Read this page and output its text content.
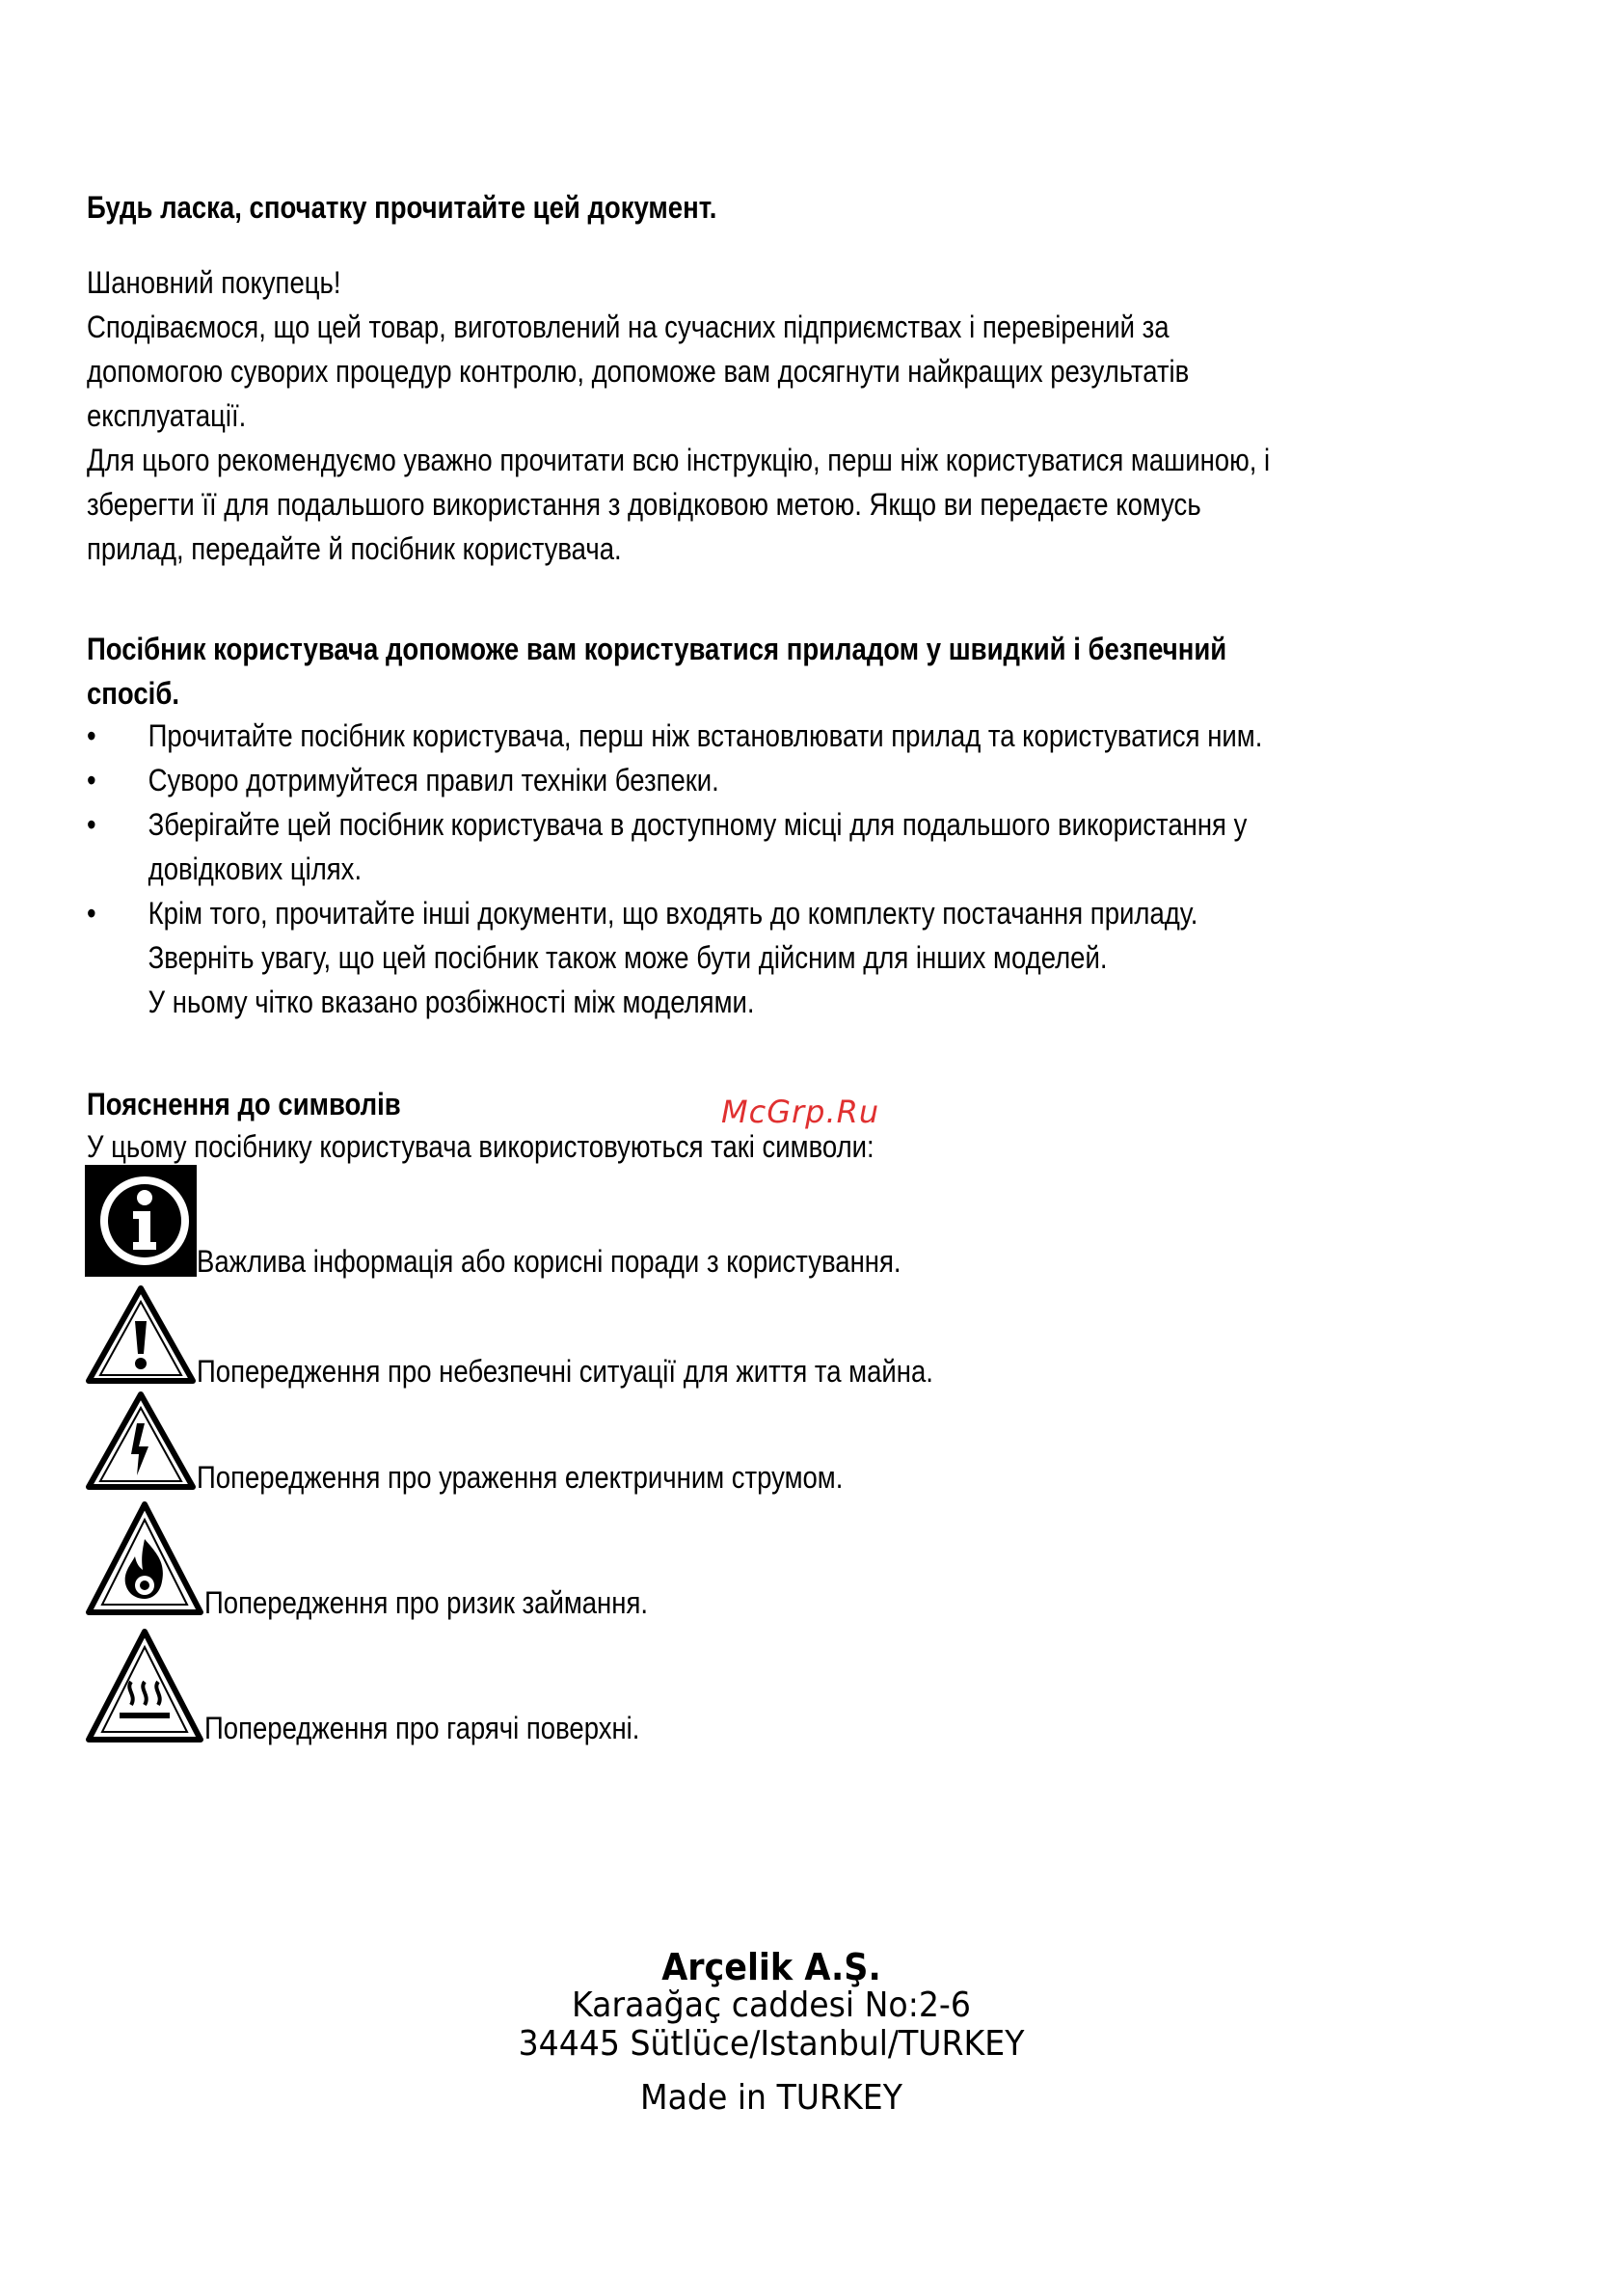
Будь ласка, спочатку прочитайте цей документ.

Шановний покупець!

Сподіваємося, що цей товар, виготовлений на сучасних підприємствах і перевірений за

допомогою суворих процедур контролю, допоможе вам досягнути найкращих результатів

експлуатації.

Для цього рекомендуємо уважно прочитати всю інструкцію, перш ніж користуватися машиною, і

зберегти її для подальшого використання з довідковою метою. Якщо ви передаєте комусь

прилад, передайте й посібник користувача.

Посібник користувача допоможе вам користуватися приладом у швидкий і безпечний

спосіб.

• Прочитайте посібник користувача, перш ніж встановлювати прилад та користуватися ним.

• Суворо дотримуйтеся правил техніки безпеки.

• Зберігайте цей посібник користувача в доступному місці для подальшого використання у

довідкових цілях.

• Крім того, прочитайте інші документи, що входять до комплекту постачання приладу.

Зверніть увагу, що цей посібник також може бути дійсним для інших моделей.

У ньому чітко вказано розбіжності між моделями.

Пояснення до символів

У цьому посібнику користувача використовуються такі символи:

McGrp.Ru
Важлива інформація або корисні поради з користування.
Попередження про небезпечні ситуації для життя та майна.
Попередження про ураження електричним струмом.
Попередження про ризик займання.
Попередження про гарячі поверхні.
Arçelik A.Ş.
Karaağaç caddesi No:2-6
34445 Sütlüce/Istanbul/TURKEY
Made in TURKEY
